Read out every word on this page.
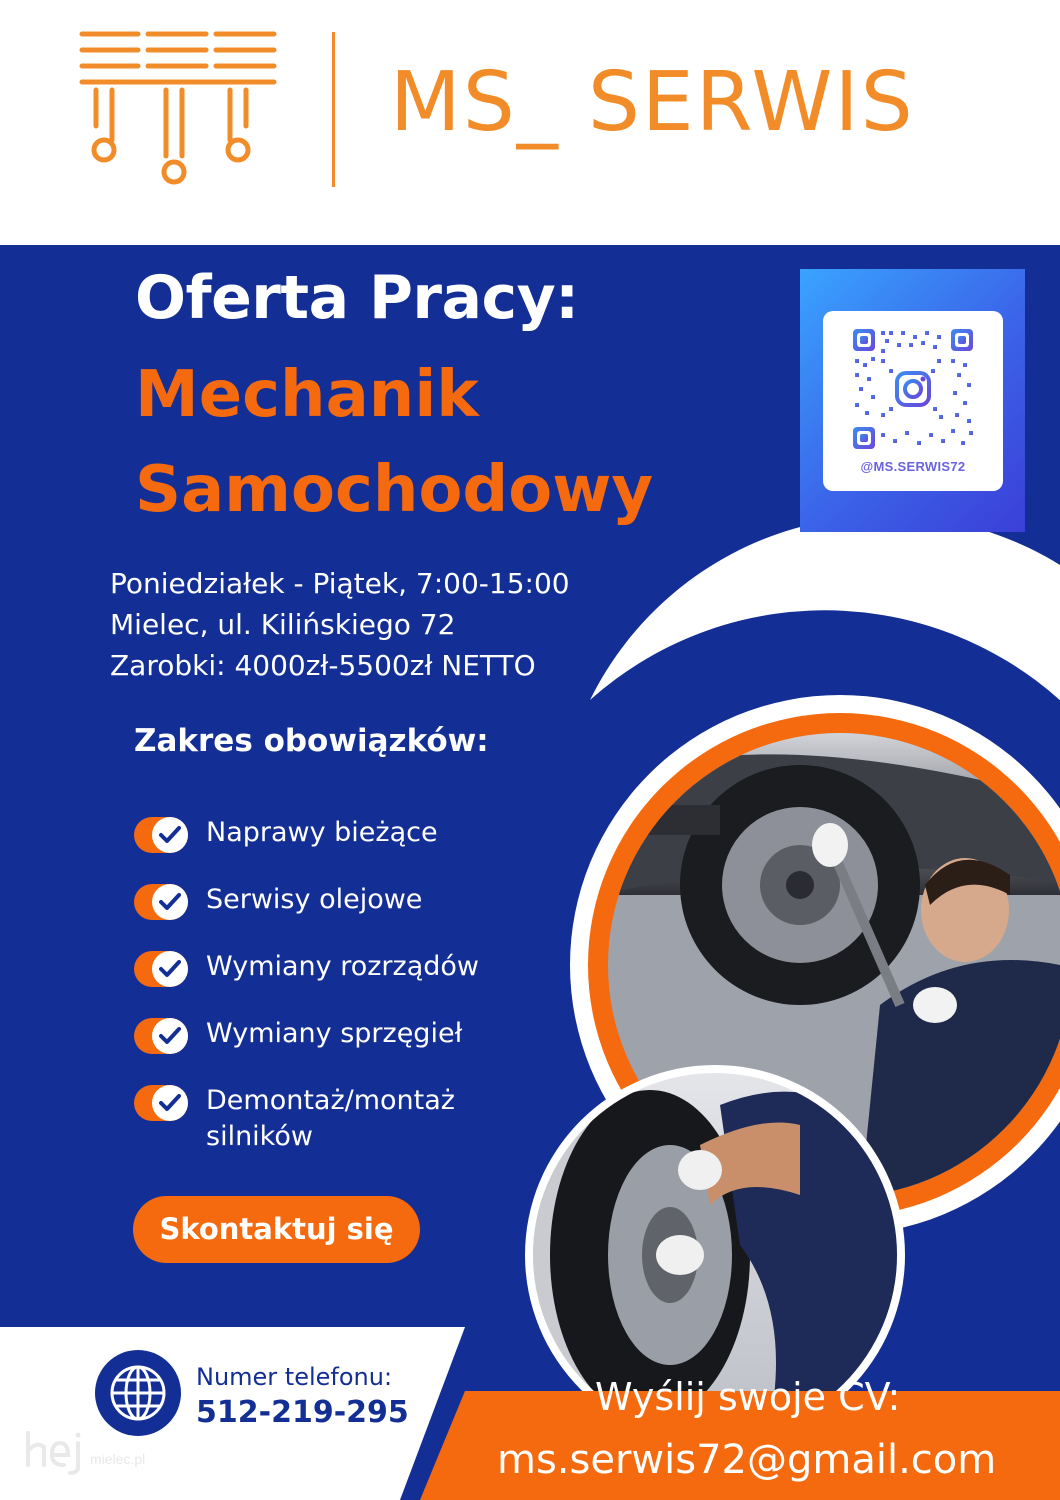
MS_ SERWIS
Oferta Pracy:
Mechanik
Samochodowy	@MS.SERWIS72
Poniedziałek - Piątek, 7:00-15:00
Mielec, ul. Kilińskiego 72
Zarobki: 4000zł-5500zł NETTO
Zakres obowiązków:
Naprawy bieżące
Serwisy olejowe
Wymiany rozrządów
Wymiany sprzęgieł
Demontaż/montaż silników
Skontaktuj się
Numer telefonu:
512-219-295	Wyślij swoje CV:
ms.serwis72@gmail.com
mielec.pl
